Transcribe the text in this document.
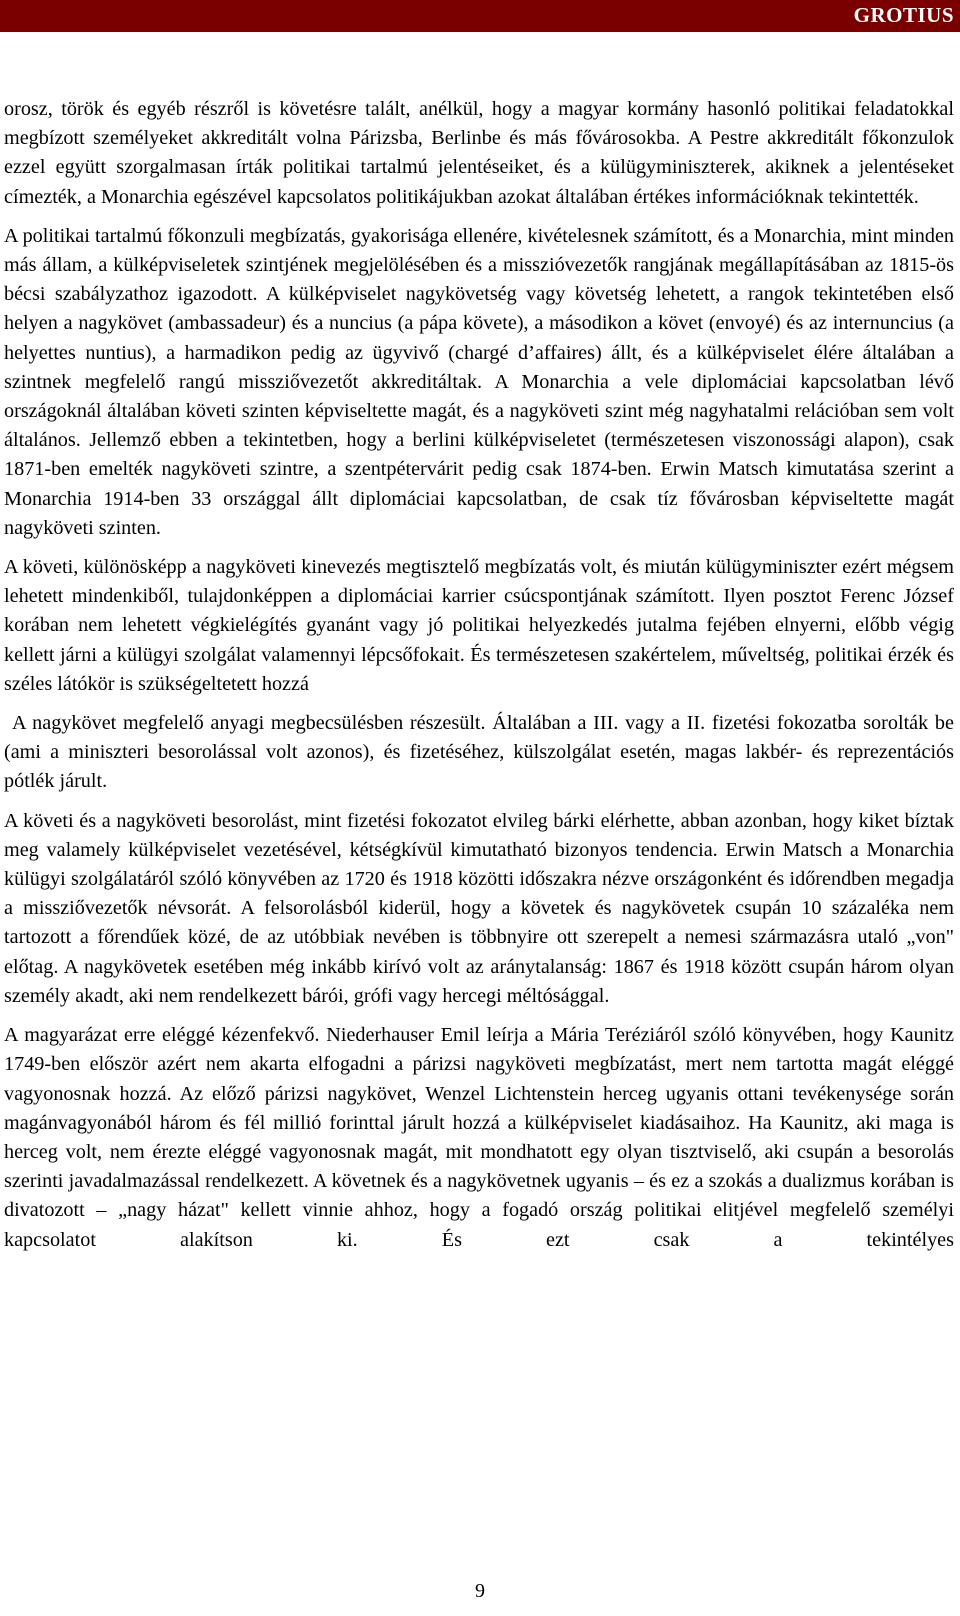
GROTIUS

orosz, török és egyéb részről is követésre talált, anélkül, hogy a magyar kormány hasonló politikai feladatokkal megbízott személyeket akkreditált volna Párizsba, Berlinbe és más fővárosokba. A Pestre akkreditált főkonzulok ezzel együtt szorgalmasan írták politikai tartalmú jelentéseiket, és a külügyminiszterek, akiknek a jelentéseket címezték, a Monarchia egészével kapcsolatos politikájukban azokat általában értékes információknak tekintették.

A politikai tartalmú főkonzuli megbízatás, gyakorisága ellenére, kivételesnek számított, és a Monarchia, mint minden más állam, a külképviseletek szintjének megjelölésében és a misszióvezetők rangjának megállapításában az 1815-ös bécsi szabályzathoz igazodott. A külképviselet nagykövetség vagy követség lehetett, a rangok tekintetében első helyen a nagykövet (ambassadeur) és a nuncius (a pápa követe), a másodikon a követ (envoyé) és az internuncius (a helyettes nuntius), a harmadikon pedig az ügyvivő (chargé d’affaires) állt, és a külképviselet élére általában a szintnek megfelelő rangú missziővezetőt akkreditáltak. A Monarchia a vele diplomáciai kapcsolatban lévő országoknál általában követi szinten képviseltette magát, és a nagyköveti szint még nagyhatalmi relációban sem volt általános. Jellemző ebben a tekintetben, hogy a berlini külképviseletet (természetesen viszonossági alapon), csak 1871-ben emelték nagyköveti szintre, a szentpétervárit pedig csak 1874-ben. Erwin Matsch kimutatása szerint a Monarchia 1914-ben 33 országgal állt diplomáciai kapcsolatban, de csak tíz fővárosban képviseltette magát nagyköveti szinten.

A követi, különösképp a nagyköveti kinevezés megtisztelő megbízatás volt, és miután külügyminiszter ezért mégsem lehetett mindenkiből, tulajdonképpen a diplomáciai karrier csúcspontjának számított. Ilyen posztot Ferenc József korában nem lehetett végkielégítés gyanánt vagy jó politikai helyezkedés jutalma fejében elnyerni, előbb végig kellett járni a külügyi szolgálat valamennyi lépcsőfokait. És természetesen szakértelem, műveltség, politikai érzék és széles látókör is szükségeltetett hozzá

A nagykövet megfelelő anyagi megbecsülésben részesült. Általában a III. vagy a II. fizetési fokozatba sorolták be (ami a miniszteri besorolással volt azonos), és fizetéséhez, külszolgálat esetén, magas lakbér- és reprezentációs pótlék járult.

A követi és a nagyköveti besorolást, mint fizetési fokozatot elvileg bárki elérhette, abban azonban, hogy kiket bíztak meg valamely külképviselet vezetésével, kétségkívül kimutatható bizonyos tendencia. Erwin Matsch a Monarchia külügyi szolgálatáról szóló könyvében az 1720 és 1918 közötti időszakra nézve országonként és időrendben megadja a missziővezetők névsorát. A felsorolásból kiderül, hogy a követek és nagykövetek csupán 10 százaléka nem tartozott a főrendűek közé, de az utóbbiak nevében is többnyire ott szerepelt a nemesi származásra utaló „von" előtag. A nagykövetek esetében még inkább kirívó volt az aránytalanság: 1867 és 1918 között csupán három olyan személy akadt, aki nem rendelkezett bárói, grófi vagy hercegi méltósággal.

A magyarázat erre eléggé kézenfekvő. Niederhauser Emil leírja a Mária Teréziáról szóló könyvében, hogy Kaunitz 1749-ben először azért nem akarta elfogadni a párizsi nagyköveti megbízatást, mert nem tartotta magát eléggé vagyonosnak hozzá. Az előző párizsi nagykövet, Wenzel Lichtenstein herceg ugyanis ottani tevékenysége során magánvagyonából három és fél millió forinttal járult hozzá a külképviselet kiadásaihoz. Ha Kaunitz, aki maga is herceg volt, nem érezte eléggé vagyonosnak magát, mit mondhatott egy olyan tisztviselő, aki csupán a besorolás szerinti javadalmazással rendelkezett. A követnek és a nagykövetnek ugyanis – és ez a szokás a dualizmus korában is divatozott – „nagy házat" kellett vinnie ahhoz, hogy a fogadó ország politikai elitjével megfelelő személyi kapcsolatot alakítson ki. És ezt csak a tekintélyes

9
